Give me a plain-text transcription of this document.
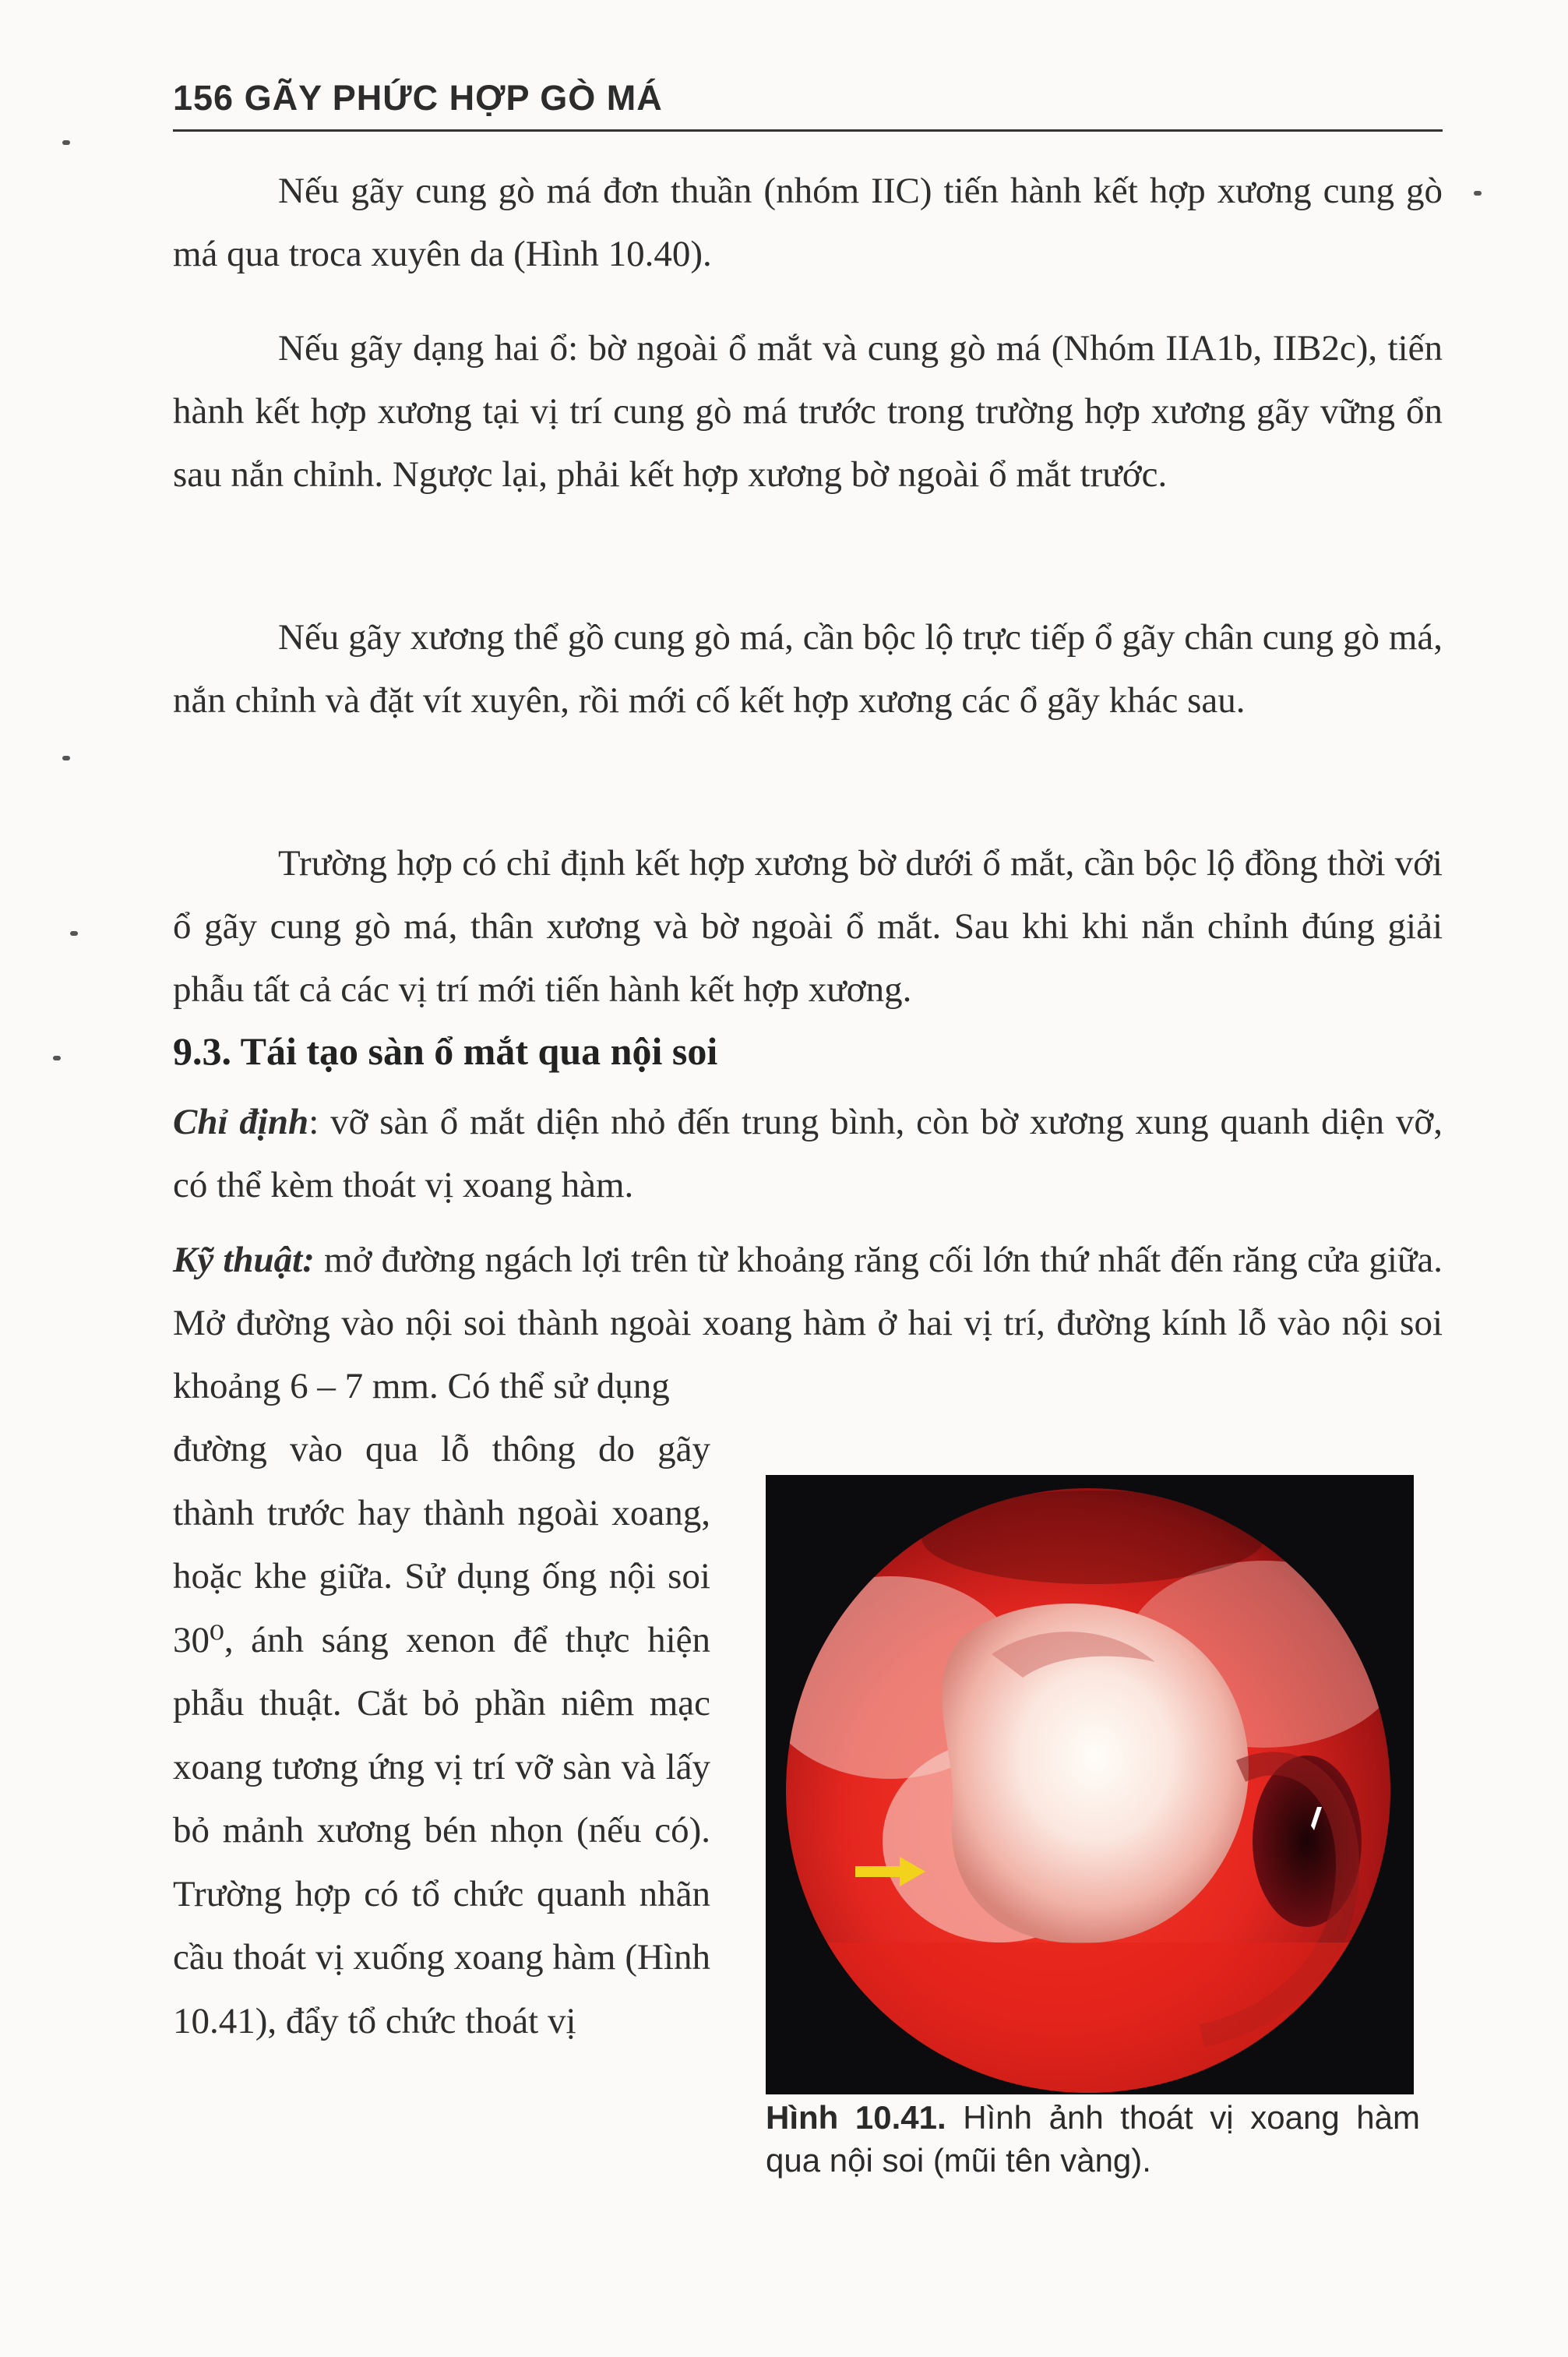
156 GÃY PHỨC HỢP GÒ MÁ

Nếu gãy cung gò má đơn thuần (nhóm IIC) tiến hành kết hợp xương cung gò má qua troca xuyên da (Hình 10.40).

Nếu gãy dạng hai ổ: bờ ngoài ổ mắt và cung gò má (Nhóm IIA1b, IIB2c), tiến hành kết hợp xương tại vị trí cung gò má trước trong trường hợp xương gãy vững ổn sau nắn chỉnh. Ngược lại, phải kết hợp xương bờ ngoài ổ mắt trước.

Nếu gãy xương thể gồ cung gò má, cần bộc lộ trực tiếp ổ gãy chân cung gò má, nắn chỉnh và đặt vít xuyên, rồi mới cố kết hợp xương các ổ gãy khác sau.

Trường hợp có chỉ định kết hợp xương bờ dưới ổ mắt, cần bộc lộ đồng thời với ổ gãy cung gò má, thân xương và bờ ngoài ổ mắt. Sau khi khi nắn chỉnh đúng giải phẫu tất cả các vị trí mới tiến hành kết hợp xương.

9.3. Tái tạo sàn ổ mắt qua nội soi

Chỉ định: vỡ sàn ổ mắt diện nhỏ đến trung bình, còn bờ xương xung quanh diện vỡ, có thể kèm thoát vị xoang hàm.

Kỹ thuật: mở đường ngách lợi trên từ khoảng răng cối lớn thứ nhất đến răng cửa giữa. Mở đường vào nội soi thành ngoài xoang hàm ở hai vị trí, đường kính lỗ vào nội soi khoảng 6 – 7 mm. Có thể sử dụng

đường vào qua lỗ thông do gãy thành trước hay thành ngoài xoang, hoặc khe giữa. Sử dụng ống nội soi 30⁰, ánh sáng xenon để thực hiện phẫu thuật. Cắt bỏ phần niêm mạc xoang tương ứng vị trí vỡ sàn và lấy bỏ mảnh xương bén nhọn (nếu có). Trường hợp có tổ chức quanh nhãn cầu thoát vị xuống xoang hàm (Hình 10.41), đẩy tổ chức thoát vị

Hình 10.41. Hình ảnh thoát vị xoang hàm qua nội soi (mũi tên vàng).
